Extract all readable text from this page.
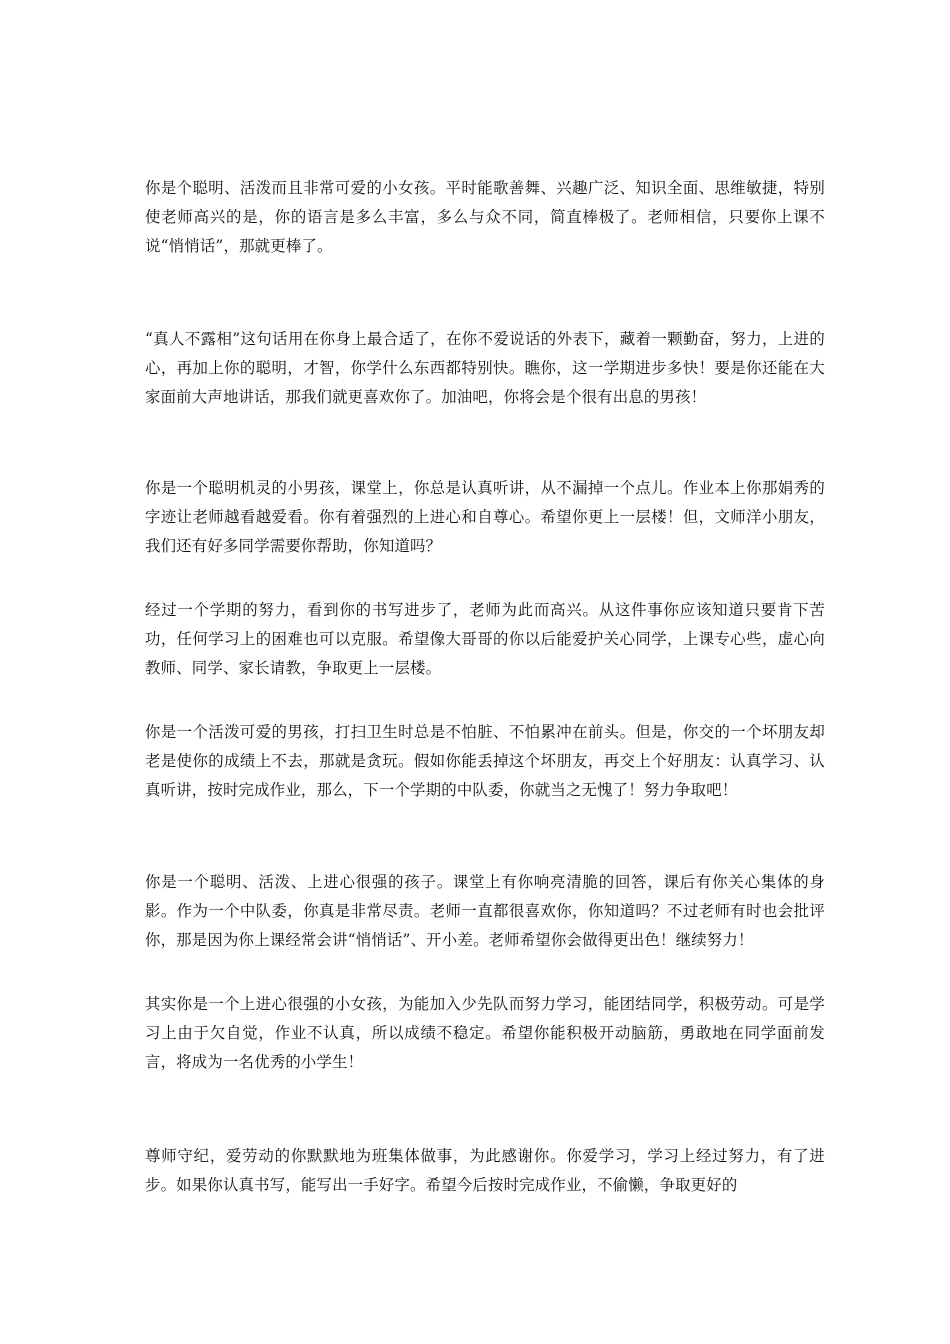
你是个聪明、活泼而且非常可爱的小女孩。平时能歌善舞、兴趣广泛、知识全面、思维敏捷，特别使老师高兴的是，你的语言是多么丰富，多么与众不同，简直棒极了。老师相信，只要你上课不说“悄悄话”，那就更棒了。

“真人不露相”这句话用在你身上最合适了，在你不爱说话的外表下，藏着一颗勤奋，努力，上进的心，再加上你的聪明，才智，你学什么东西都特别快。瞧你，这一学期进步多快！要是你还能在大家面前大声地讲话，那我们就更喜欢你了。加油吧，你将会是个很有出息的男孩！

你是一个聪明机灵的小男孩，课堂上，你总是认真听讲，从不漏掉一个点儿。作业本上你那娟秀的字迹让老师越看越爱看。你有着强烈的上进心和自尊心。希望你更上一层楼！但，文师洋小朋友，我们还有好多同学需要你帮助，你知道吗？

经过一个学期的努力，看到你的书写进步了，老师为此而高兴。从这件事你应该知道只要肯下苦功，任何学习上的困难也可以克服。希望像大哥哥的你以后能爱护关心同学，上课专心些，虚心向教师、同学、家长请教，争取更上一层楼。

你是一个活泼可爱的男孩，打扫卫生时总是不怕脏、不怕累冲在前头。但是，你交的一个坏朋友却老是使你的成绩上不去，那就是贪玩。假如你能丢掉这个坏朋友，再交上个好朋友：认真学习、认真听讲，按时完成作业，那么，下一个学期的中队委，你就当之无愧了！努力争取吧！

你是一个聪明、活泼、上进心很强的孩子。课堂上有你响亮清脆的回答，课后有你关心集体的身影。作为一个中队委，你真是非常尽责。老师一直都很喜欢你，你知道吗？不过老师有时也会批评你，那是因为你上课经常会讲“悄悄话”、开小差。老师希望你会做得更出色！继续努力！

其实你是一个上进心很强的小女孩，为能加入少先队而努力学习，能团结同学，积极劳动。可是学习上由于欠自觉，作业不认真，所以成绩不稳定。希望你能积极开动脑筋，勇敢地在同学面前发言，将成为一名优秀的小学生！

尊师守纪，爱劳动的你默默地为班集体做事，为此感谢你。你爱学习，学习上经过努力，有了进步。如果你认真书写，能写出一手好字。希望今后按时完成作业，不偷懒，争取更好的
